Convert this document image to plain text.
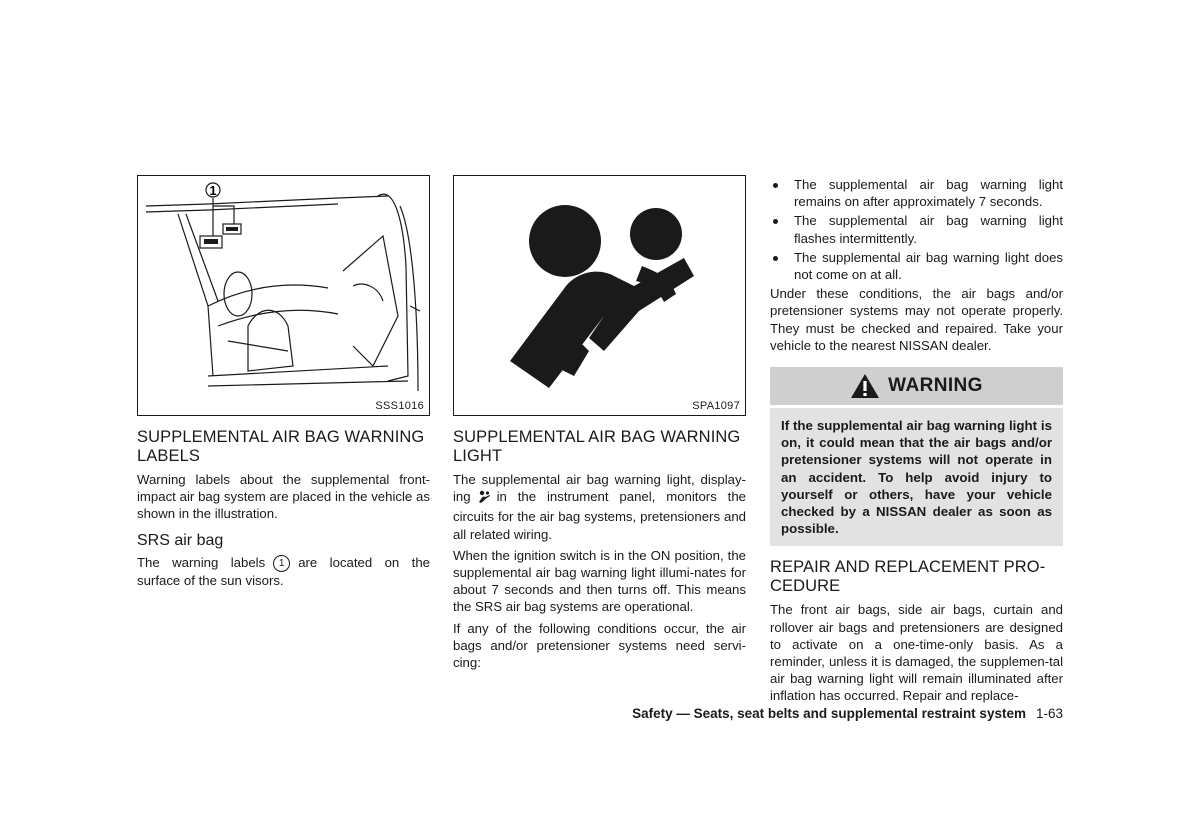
1
SSS1016
SUPPLEMENTAL AIR BAG WARNING LABELS

Warning labels about the supplemental front-impact air bag system are placed in the vehicle as shown in the illustration.

SRS air bag

The warning labels 1 are located on the surface of the sun visors.

SPA1097
SUPPLEMENTAL AIR BAG WARNING LIGHT

The supplemental air bag warning light, display-ing in the instrument panel, monitors the circuits for the air bag systems, pretensioners and all related wiring.

When the ignition switch is in the ON position, the supplemental air bag warning light illumi-nates for about 7 seconds and then turns off. This means the SRS air bag systems are operational.

If any of the following conditions occur, the air bags and/or pretensioner systems need servi-cing:

The supplemental air bag warning light remains on after approximately 7 seconds.
The supplemental air bag warning light flashes intermittently.
The supplemental air bag warning light does not come on at all.

Under these conditions, the air bags and/or pretensioner systems may not operate properly. They must be checked and repaired. Take your vehicle to the nearest NISSAN dealer.

WARNING
If the supplemental air bag warning light is on, it could mean that the air bags and/or pretensioner systems will not operate in an accident. To help avoid injury to yourself or others, have your vehicle checked by a NISSAN dealer as soon as possible.
REPAIR AND REPLACEMENT PRO-CEDURE

The front air bags, side air bags, curtain and rollover air bags and pretensioners are designed to activate on a one-time-only basis. As a reminder, unless it is damaged, the supplemen-tal air bag warning light will remain illuminated after inflation has occurred. Repair and replace-

Safety — Seats, seat belts and supplemental restraint system 1-63
